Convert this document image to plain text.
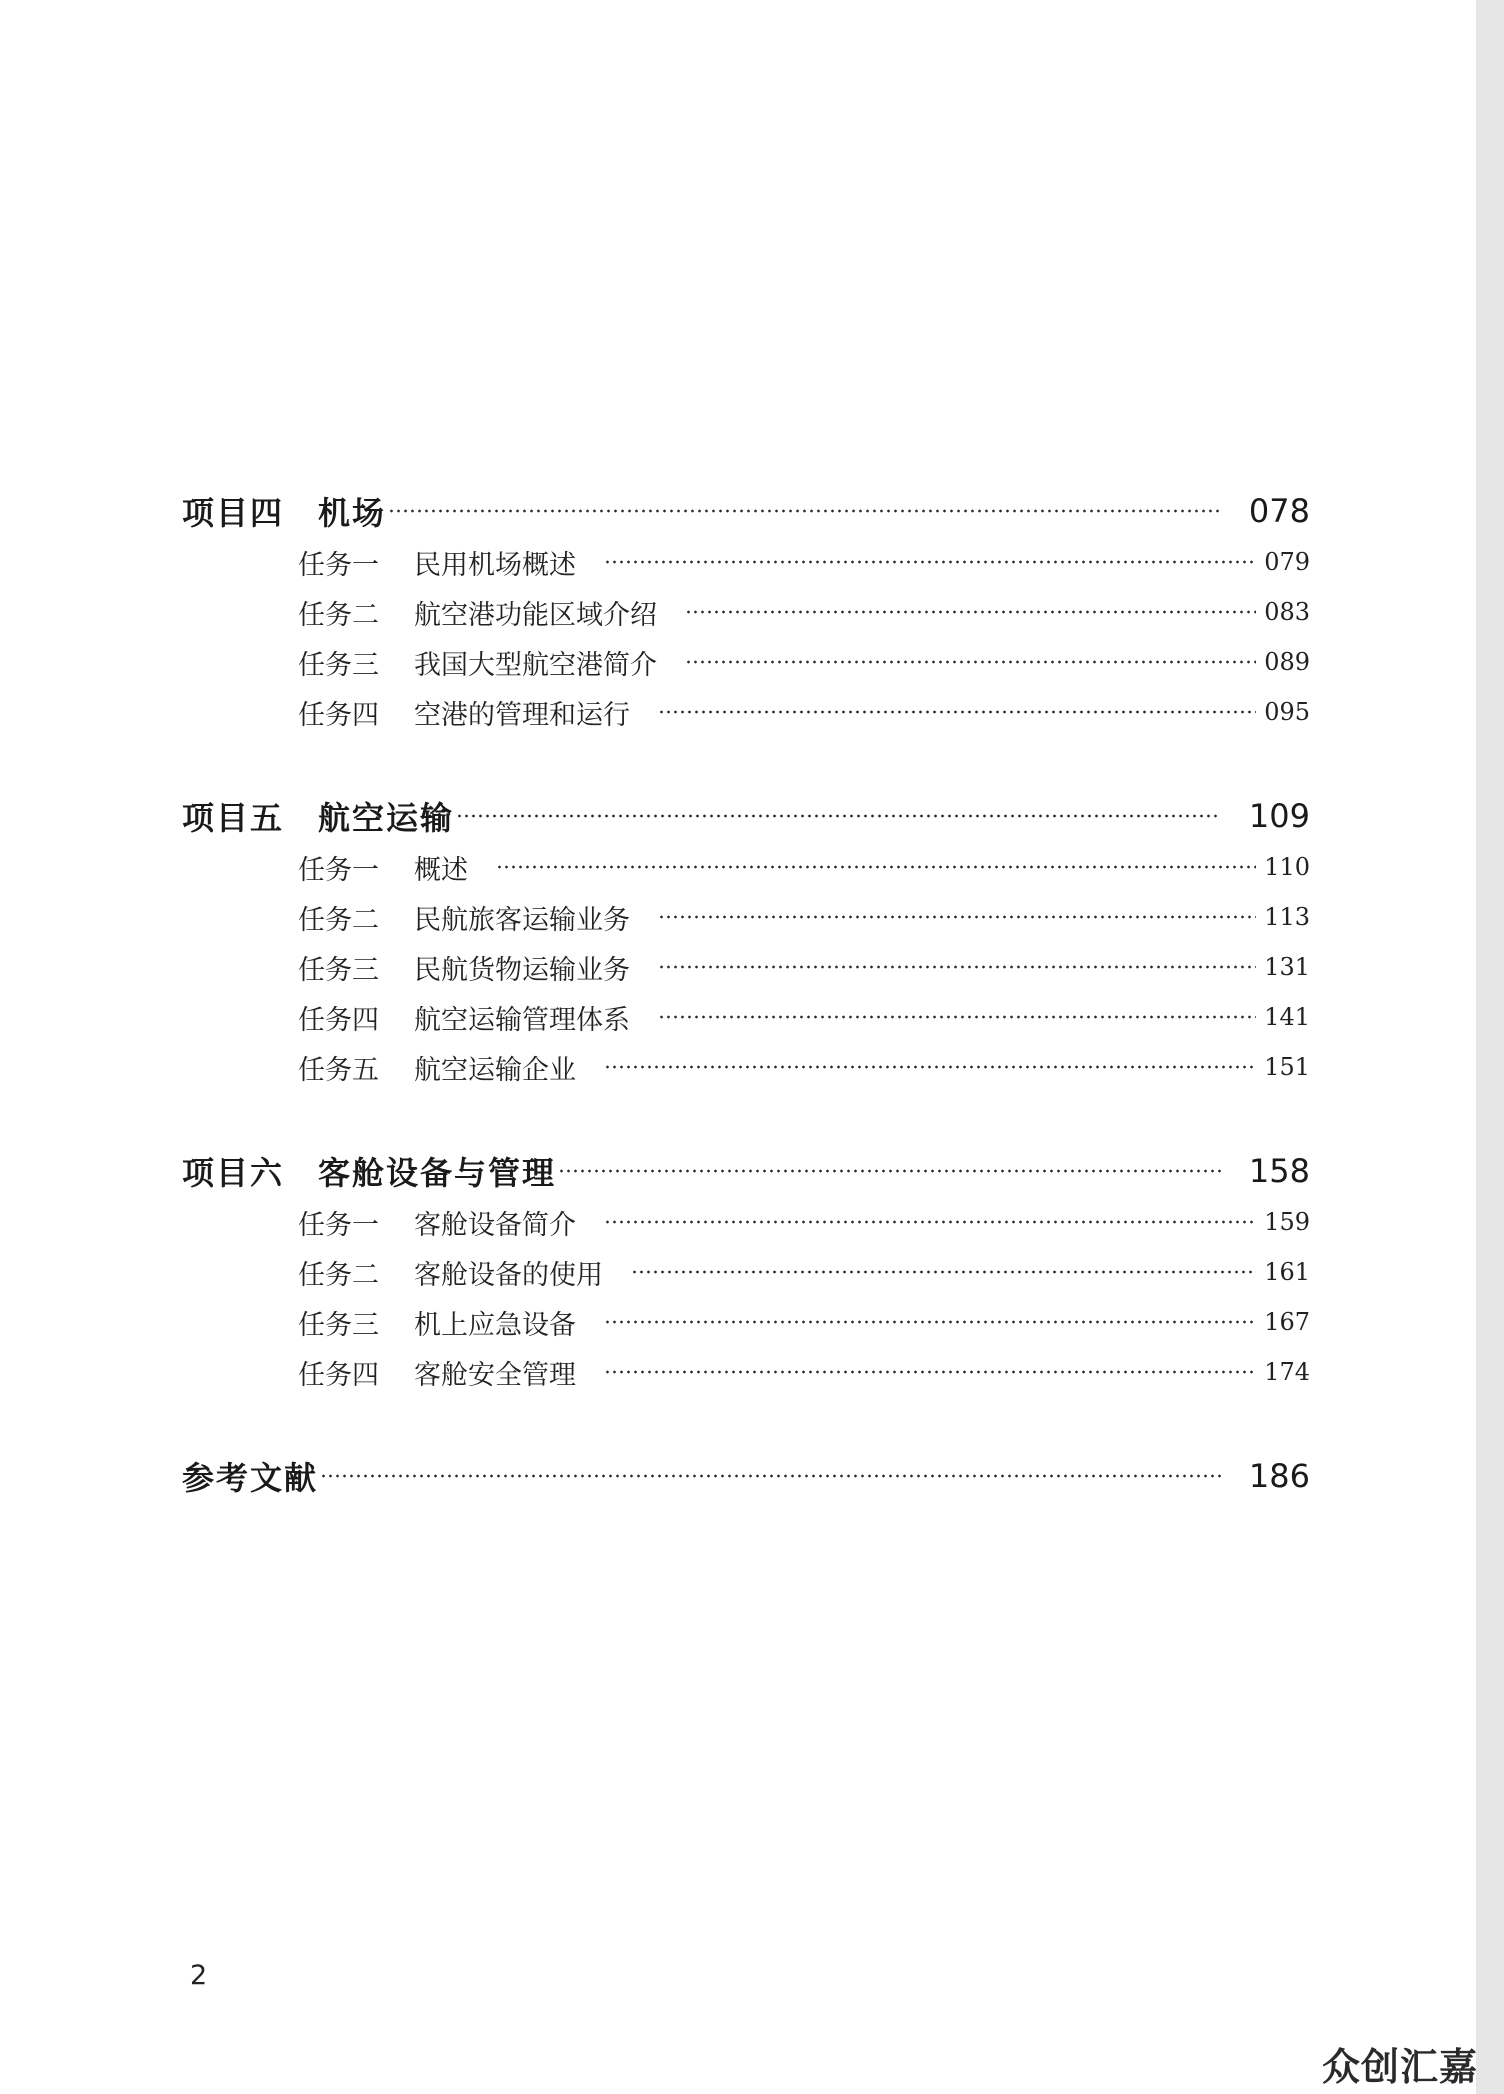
项目四　机场	078
任务一 民用机场概述	079
任务二 航空港功能区域介绍	083
任务三 我国大型航空港简介	089
任务四 空港的管理和运行	095
项目五　航空运输	109
任务一 概述	110
任务二 民航旅客运输业务	113
任务三 民航货物运输业务	131
任务四 航空运输管理体系	141
任务五 航空运输企业	151
项目六　客舱设备与管理	158
任务一 客舱设备简介	159
任务二 客舱设备的使用	161
任务三 机上应急设备	167
任务四 客舱安全管理	174
参考文献	186
2
众创汇嘉
